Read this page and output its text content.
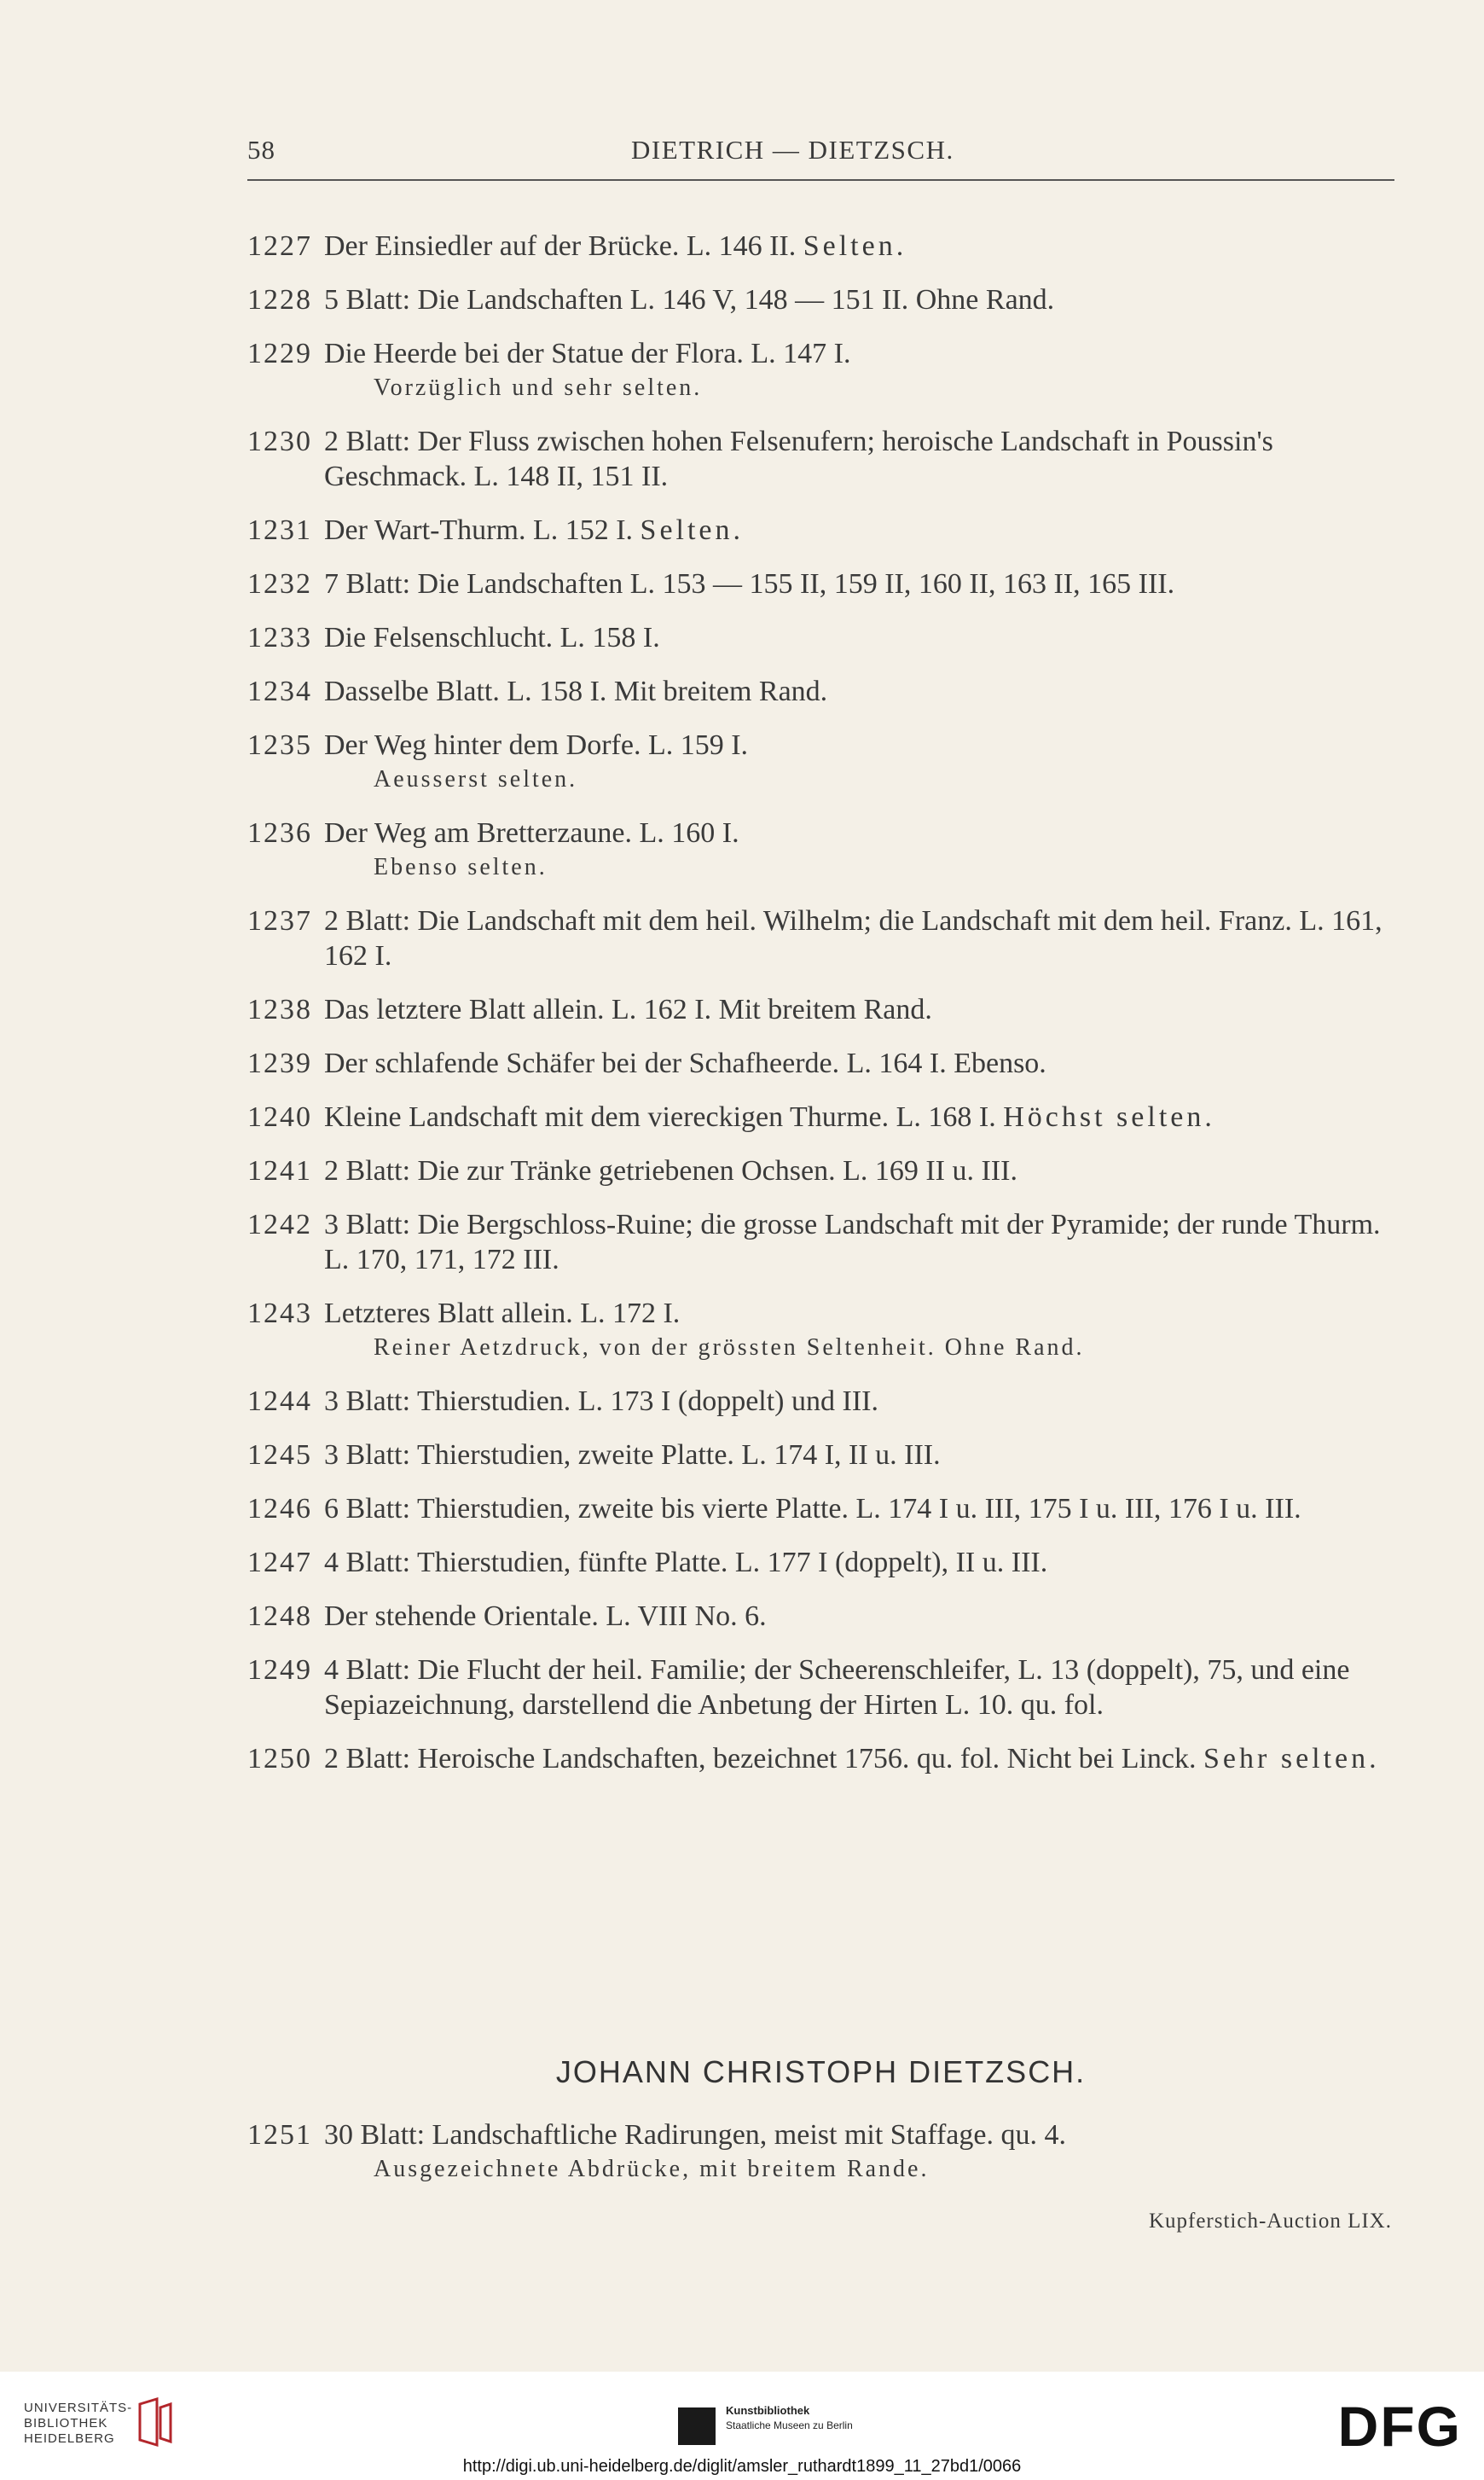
58	DIETRICH — DIETZSCH.
1227 Der Einsiedler auf der Brücke. L. 146 II. Selten.
1228 5 Blatt: Die Landschaften L. 146 V, 148 — 151 II. Ohne Rand.
1229 Die Heerde bei der Statue der Flora. L. 147 I.
Vorzüglich und sehr selten.
1230 2 Blatt: Der Fluss zwischen hohen Felsenufern; heroische Landschaft in Poussin's Geschmack. L. 148 II, 151 II.
1231 Der Wart-Thurm. L. 152 I. Selten.
1232 7 Blatt: Die Landschaften L. 153 — 155 II, 159 II, 160 II, 163 II, 165 III.
1233 Die Felsenschlucht. L. 158 I.
1234 Dasselbe Blatt. L. 158 I. Mit breitem Rand.
1235 Der Weg hinter dem Dorfe. L. 159 I.
Aeusserst selten.
1236 Der Weg am Bretterzaune. L. 160 I.
Ebenso selten.
1237 2 Blatt: Die Landschaft mit dem heil. Wilhelm; die Landschaft mit dem heil. Franz. L. 161, 162 I.
1238 Das letztere Blatt allein. L. 162 I. Mit breitem Rand.
1239 Der schlafende Schäfer bei der Schafheerde. L. 164 I. Ebenso.
1240 Kleine Landschaft mit dem viereckigen Thurme. L. 168 I. Höchst selten.
1241 2 Blatt: Die zur Tränke getriebenen Ochsen. L. 169 II u. III.
1242 3 Blatt: Die Bergschloss-Ruine; die grosse Landschaft mit der Pyramide; der runde Thurm. L. 170, 171, 172 III.
1243 Letzteres Blatt allein. L. 172 I.
Reiner Aetzdruck, von der grössten Seltenheit. Ohne Rand.
1244 3 Blatt: Thierstudien. L. 173 I (doppelt) und III.
1245 3 Blatt: Thierstudien, zweite Platte. L. 174 I, II u. III.
1246 6 Blatt: Thierstudien, zweite bis vierte Platte. L. 174 I u. III, 175 I u. III, 176 I u. III.
1247 4 Blatt: Thierstudien, fünfte Platte. L. 177 I (doppelt), II u. III.
1248 Der stehende Orientale. L. VIII No. 6.
1249 4 Blatt: Die Flucht der heil. Familie; der Scheerenschleifer, L. 13 (doppelt), 75, und eine Sepiazeichnung, darstellend die Anbetung der Hirten L. 10. qu. fol.
1250 2 Blatt: Heroische Landschaften, bezeichnet 1756. qu. fol. Nicht bei Linck. Sehr selten.
JOHANN CHRISTOPH DIETZSCH.
1251 30 Blatt: Landschaftliche Radirungen, meist mit Staffage. qu. 4.
Ausgezeichnete Abdrücke, mit breitem Rande.
Kupferstich-Auction LIX.
UNIVERSITÄTS-
BIBLIOTHEK
HEIDELBERG
Kunstbibliothek
Staatliche Museen zu Berlin	DFG
http://digi.ub.uni-heidelberg.de/diglit/amsler_ruthardt1899_11_27bd1/0066
